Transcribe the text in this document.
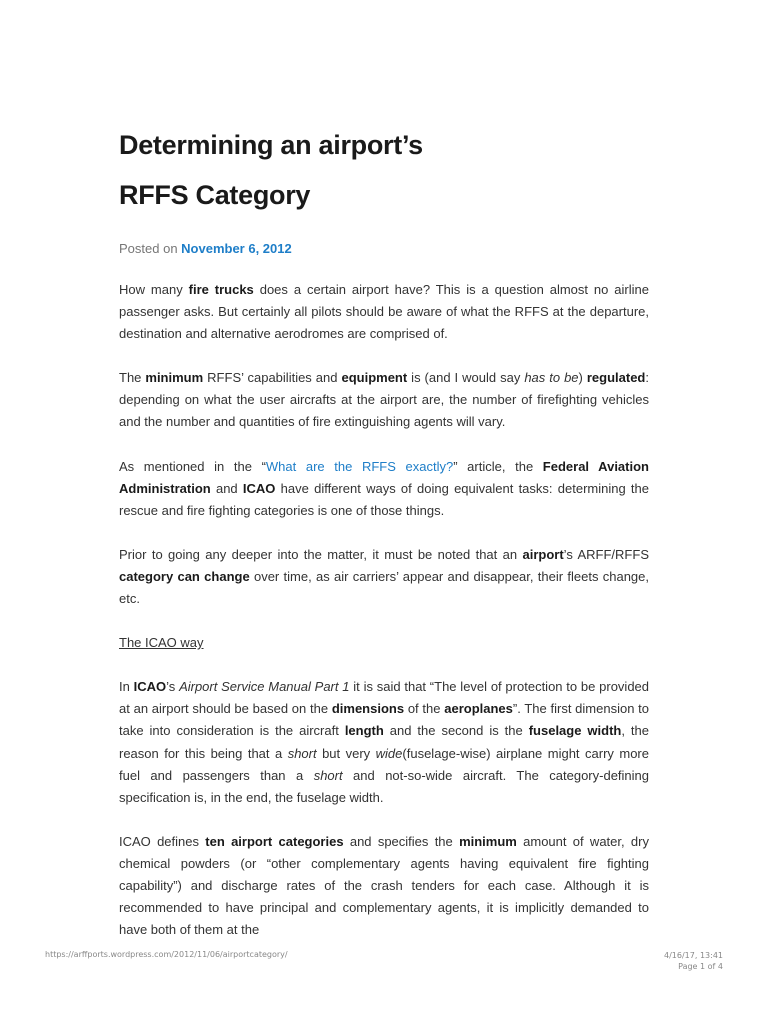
Determining an airport’s
RFFS Category
Posted on November 6, 2012

How many fire trucks does a certain airport have? This is a question almost no airline passenger asks. But certainly all pilots should be aware of what the RFFS at the departure, destination and alternative aerodromes are comprised of.

The minimum RFFS’ capabilities and equipment is (and I would say has to be) regulated: depending on what the user aircrafts at the airport are, the number of firefighting vehicles and the number and quantities of fire extinguishing agents will vary.

As mentioned in the “What are the RFFS exactly?” article, the Federal Aviation Administration and ICAO have different ways of doing equivalent tasks: determining the rescue and fire fighting categories is one of those things.

Prior to going any deeper into the matter, it must be noted that an airport’s ARFF/RFFS category can change over time, as air carriers’ appear and disappear, their fleets change, etc.

The ICAO way

In ICAO’s Airport Service Manual Part 1 it is said that “The level of protection to be provided at an airport should be based on the dimensions of the aeroplanes”. The first dimension to take into consideration is the aircraft length and the second is the fuselage width, the reason for this being that a short but very wide(fuselage-wise) airplane might carry more fuel and passengers than a short and not-so-wide aircraft. The category-defining specification is, in the end, the fuselage width.

ICAO defines ten airport categories and specifies the minimum amount of water, dry chemical powders (or “other complementary agents having equivalent fire fighting capability”) and discharge rates of the crash tenders for each case. Although it is recommended to have principal and complementary agents, it is implicitly demanded to have both of them at the

https://arffports.wordpress.com/2012/11/06/airportcategory/	4/16/17, 13:41
Page 1 of 4
